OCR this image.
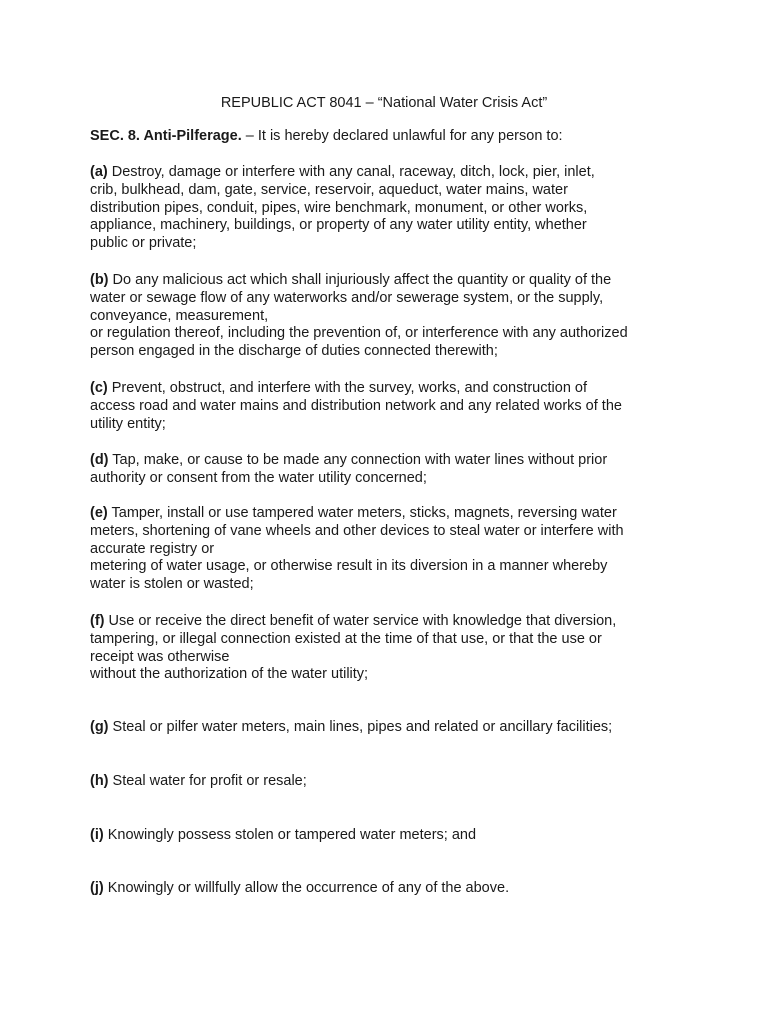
REPUBLIC ACT 8041 – “National Water Crisis Act”

SEC. 8. Anti-Pilferage. – It is hereby declared unlawful for any person to:

(a) Destroy, damage or interfere with any canal, raceway, ditch, lock, pier, inlet,
crib, bulkhead, dam, gate, service, reservoir, aqueduct, water mains, water
distribution pipes, conduit, pipes, wire benchmark, monument, or other works,
appliance, machinery, buildings, or property of any water utility entity, whether
public or private;

(b) Do any malicious act which shall injuriously affect the quantity or quality of the
water or sewage flow of any waterworks and/or sewerage system, or the supply,
conveyance, measurement,
or regulation thereof, including the prevention of, or interference with any authorized
person engaged in the discharge of duties connected therewith;

(c) Prevent, obstruct, and interfere with the survey, works, and construction of
access road and water mains and distribution network and any related works of the
utility entity;

(d) Tap, make, or cause to be made any connection with water lines without prior
authority or consent from the water utility concerned;

(e) Tamper, install or use tampered water meters, sticks, magnets, reversing water
meters, shortening of vane wheels and other devices to steal water or interfere with
accurate registry or
metering of water usage, or otherwise result in its diversion in a manner whereby
water is stolen or wasted;

(f) Use or receive the direct benefit of water service with knowledge that diversion,
tampering, or illegal connection existed at the time of that use, or that the use or
receipt was otherwise
without the authorization of the water utility;

(g) Steal or pilfer water meters, main lines, pipes and related or ancillary facilities;

(h) Steal water for profit or resale;

(i) Knowingly possess stolen or tampered water meters; and

(j) Knowingly or willfully allow the occurrence of any of the above.
